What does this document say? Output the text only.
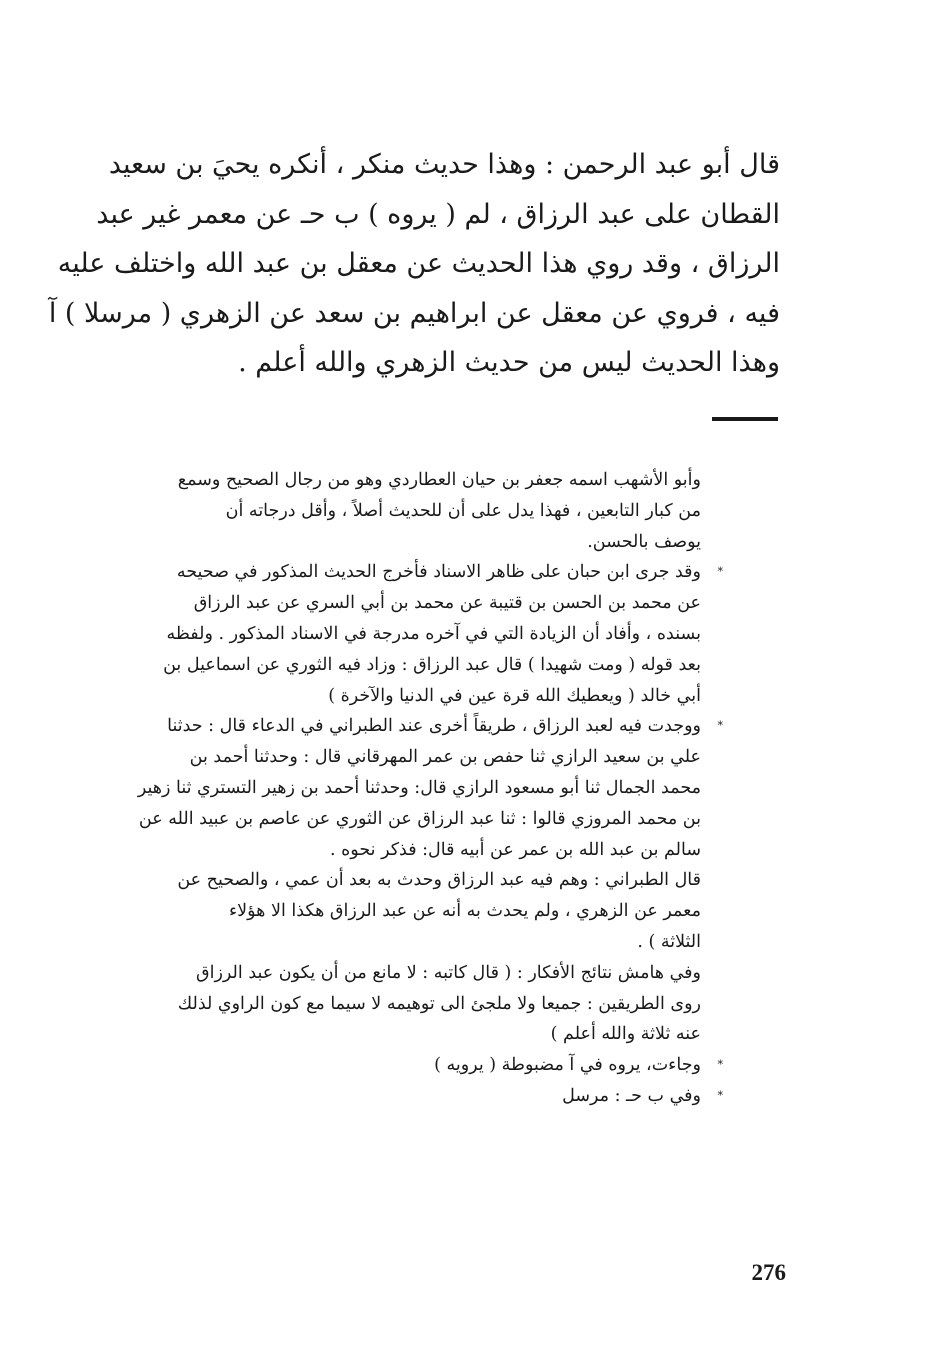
قال أبو عبد الرحمن : وهذا حديث منكر ، أنكره يحيَ بن سعيد
القطان على عبد الرزاق ، لم ( يروه ) ب حـ عن معمر غير عبد
الرزاق ، وقد روي هذا الحديث عن معقل بن عبد الله واختلف عليه
فيه ، فروي عن معقل عن ابراهيم بن سعد عن الزهري ( مرسلا ) آ
وهذا الحديث ليس من حديث الزهري والله أعلم .
وأبو الأشهب اسمه جعفر بن حيان العطاردي وهو من رجال الصحيح وسمع
من كبار التابعين ، فهذا يدل على أن للحديث أصلاً ، وأقل درجاته أن
يوصف بالحسن.
*
وقد جرى ابن حبان على ظاهر الاسناد فأخرج الحديث المذكور في صحيحه
عن محمد بن الحسن بن قتيبة عن محمد بن أبي السري عن عبد الرزاق
بسنده ، وأفاد أن الزيادة التي في آخره مدرجة في الاسناد المذكور . ولفظه
بعد قوله ( ومت شهيدا ) قال عبد الرزاق : وزاد فيه الثوري عن اسماعيل بن
أبي خالد ( ويعطيك الله قرة عين في الدنيا والآخرة )
*
ووجدت فيه لعبد الرزاق ، طريقاً أخرى عند الطبراني في الدعاء قال : حدثنا
علي بن سعيد الرازي ثنا حفص بن عمر المهرقاني قال : وحدثنا أحمد بن
محمد الجمال ثنا أبو مسعود الرازي قال: وحدثنا أحمد بن زهير التستري ثنا زهير
بن محمد المروزي قالوا : ثنا عبد الرزاق عن الثوري عن عاصم بن عبيد الله عن
سالم بن عبد الله بن عمر عن أبيه قال: فذكر نحوه .
قال الطبراني : وهم فيه عبد الرزاق وحدث به بعد أن عمي ، والصحيح عن
معمر عن الزهري ، ولم يحدث به أنه عن عبد الرزاق هكذا الا هؤلاء
الثلاثة ) .
وفي هامش نتائج الأفكار : ( قال كاتبه : لا مانع من أن يكون عبد الرزاق
روى الطريقين : جميعا ولا ملجئ الى توهيمه لا سيما مع كون الراوي لذلك
عنه ثلاثة والله أعلم )
*
وجاءت، يروه في آ مضبوطة ( يرويه )
*
وفي ب حـ : مرسل
276
